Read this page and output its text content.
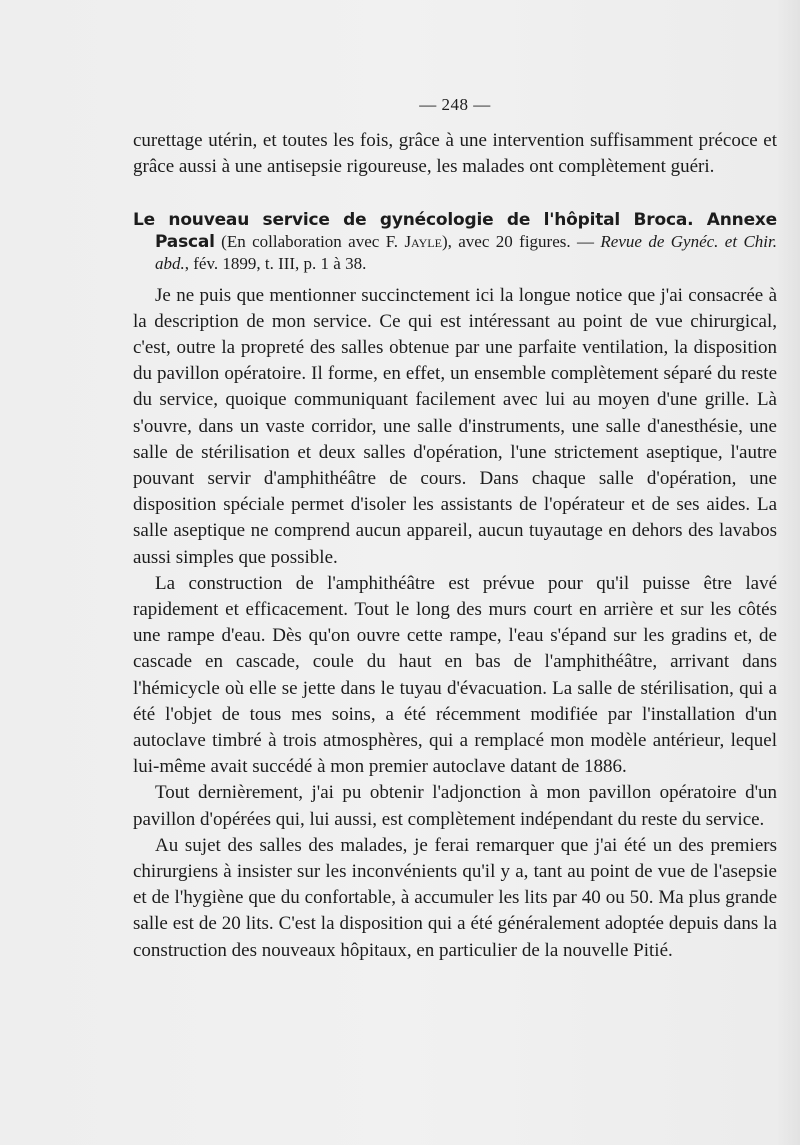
— 248 —

curettage utérin, et toutes les fois, grâce à une intervention suffisamment précoce et grâce aussi à une antisepsie rigoureuse, les malades ont complètement guéri.

Le nouveau service de gynécologie de l'hôpital Broca. Annexe Pascal (En collaboration avec F. Jayle), avec 20 figures. — Revue de Gynéc. et Chir. abd., fév. 1899, t. III, p. 1 à 38.

Je ne puis que mentionner succinctement ici la longue notice que j'ai consacrée à la description de mon service. Ce qui est intéressant au point de vue chirurgical, c'est, outre la propreté des salles obtenue par une parfaite ventilation, la disposition du pavillon opératoire. Il forme, en effet, un ensemble complètement séparé du reste du service, quoique communiquant facilement avec lui au moyen d'une grille. Là s'ouvre, dans un vaste corridor, une salle d'instruments, une salle d'anesthésie, une salle de stérilisation et deux salles d'opération, l'une strictement aseptique, l'autre pouvant servir d'amphithéâtre de cours. Dans chaque salle d'opération, une disposition spéciale permet d'isoler les assistants de l'opérateur et de ses aides. La salle aseptique ne comprend aucun appareil, aucun tuyautage en dehors des lavabos aussi simples que possible.

La construction de l'amphithéâtre est prévue pour qu'il puisse être lavé rapidement et efficacement. Tout le long des murs court en arrière et sur les côtés une rampe d'eau. Dès qu'on ouvre cette rampe, l'eau s'épand sur les gradins et, de cascade en cascade, coule du haut en bas de l'amphithéâtre, arrivant dans l'hémicycle où elle se jette dans le tuyau d'évacuation. La salle de stérilisation, qui a été l'objet de tous mes soins, a été récemment modifiée par l'installation d'un autoclave timbré à trois atmosphères, qui a remplacé mon modèle antérieur, lequel lui-même avait succédé à mon premier autoclave datant de 1886.

Tout dernièrement, j'ai pu obtenir l'adjonction à mon pavillon opératoire d'un pavillon d'opérées qui, lui aussi, est complètement indépendant du reste du service.

Au sujet des salles des malades, je ferai remarquer que j'ai été un des premiers chirurgiens à insister sur les inconvénients qu'il y a, tant au point de vue de l'asepsie et de l'hygiène que du confortable, à accumuler les lits par 40 ou 50. Ma plus grande salle est de 20 lits. C'est la disposition qui a été généralement adoptée depuis dans la construction des nouveaux hôpitaux, en particulier de la nouvelle Pitié.
